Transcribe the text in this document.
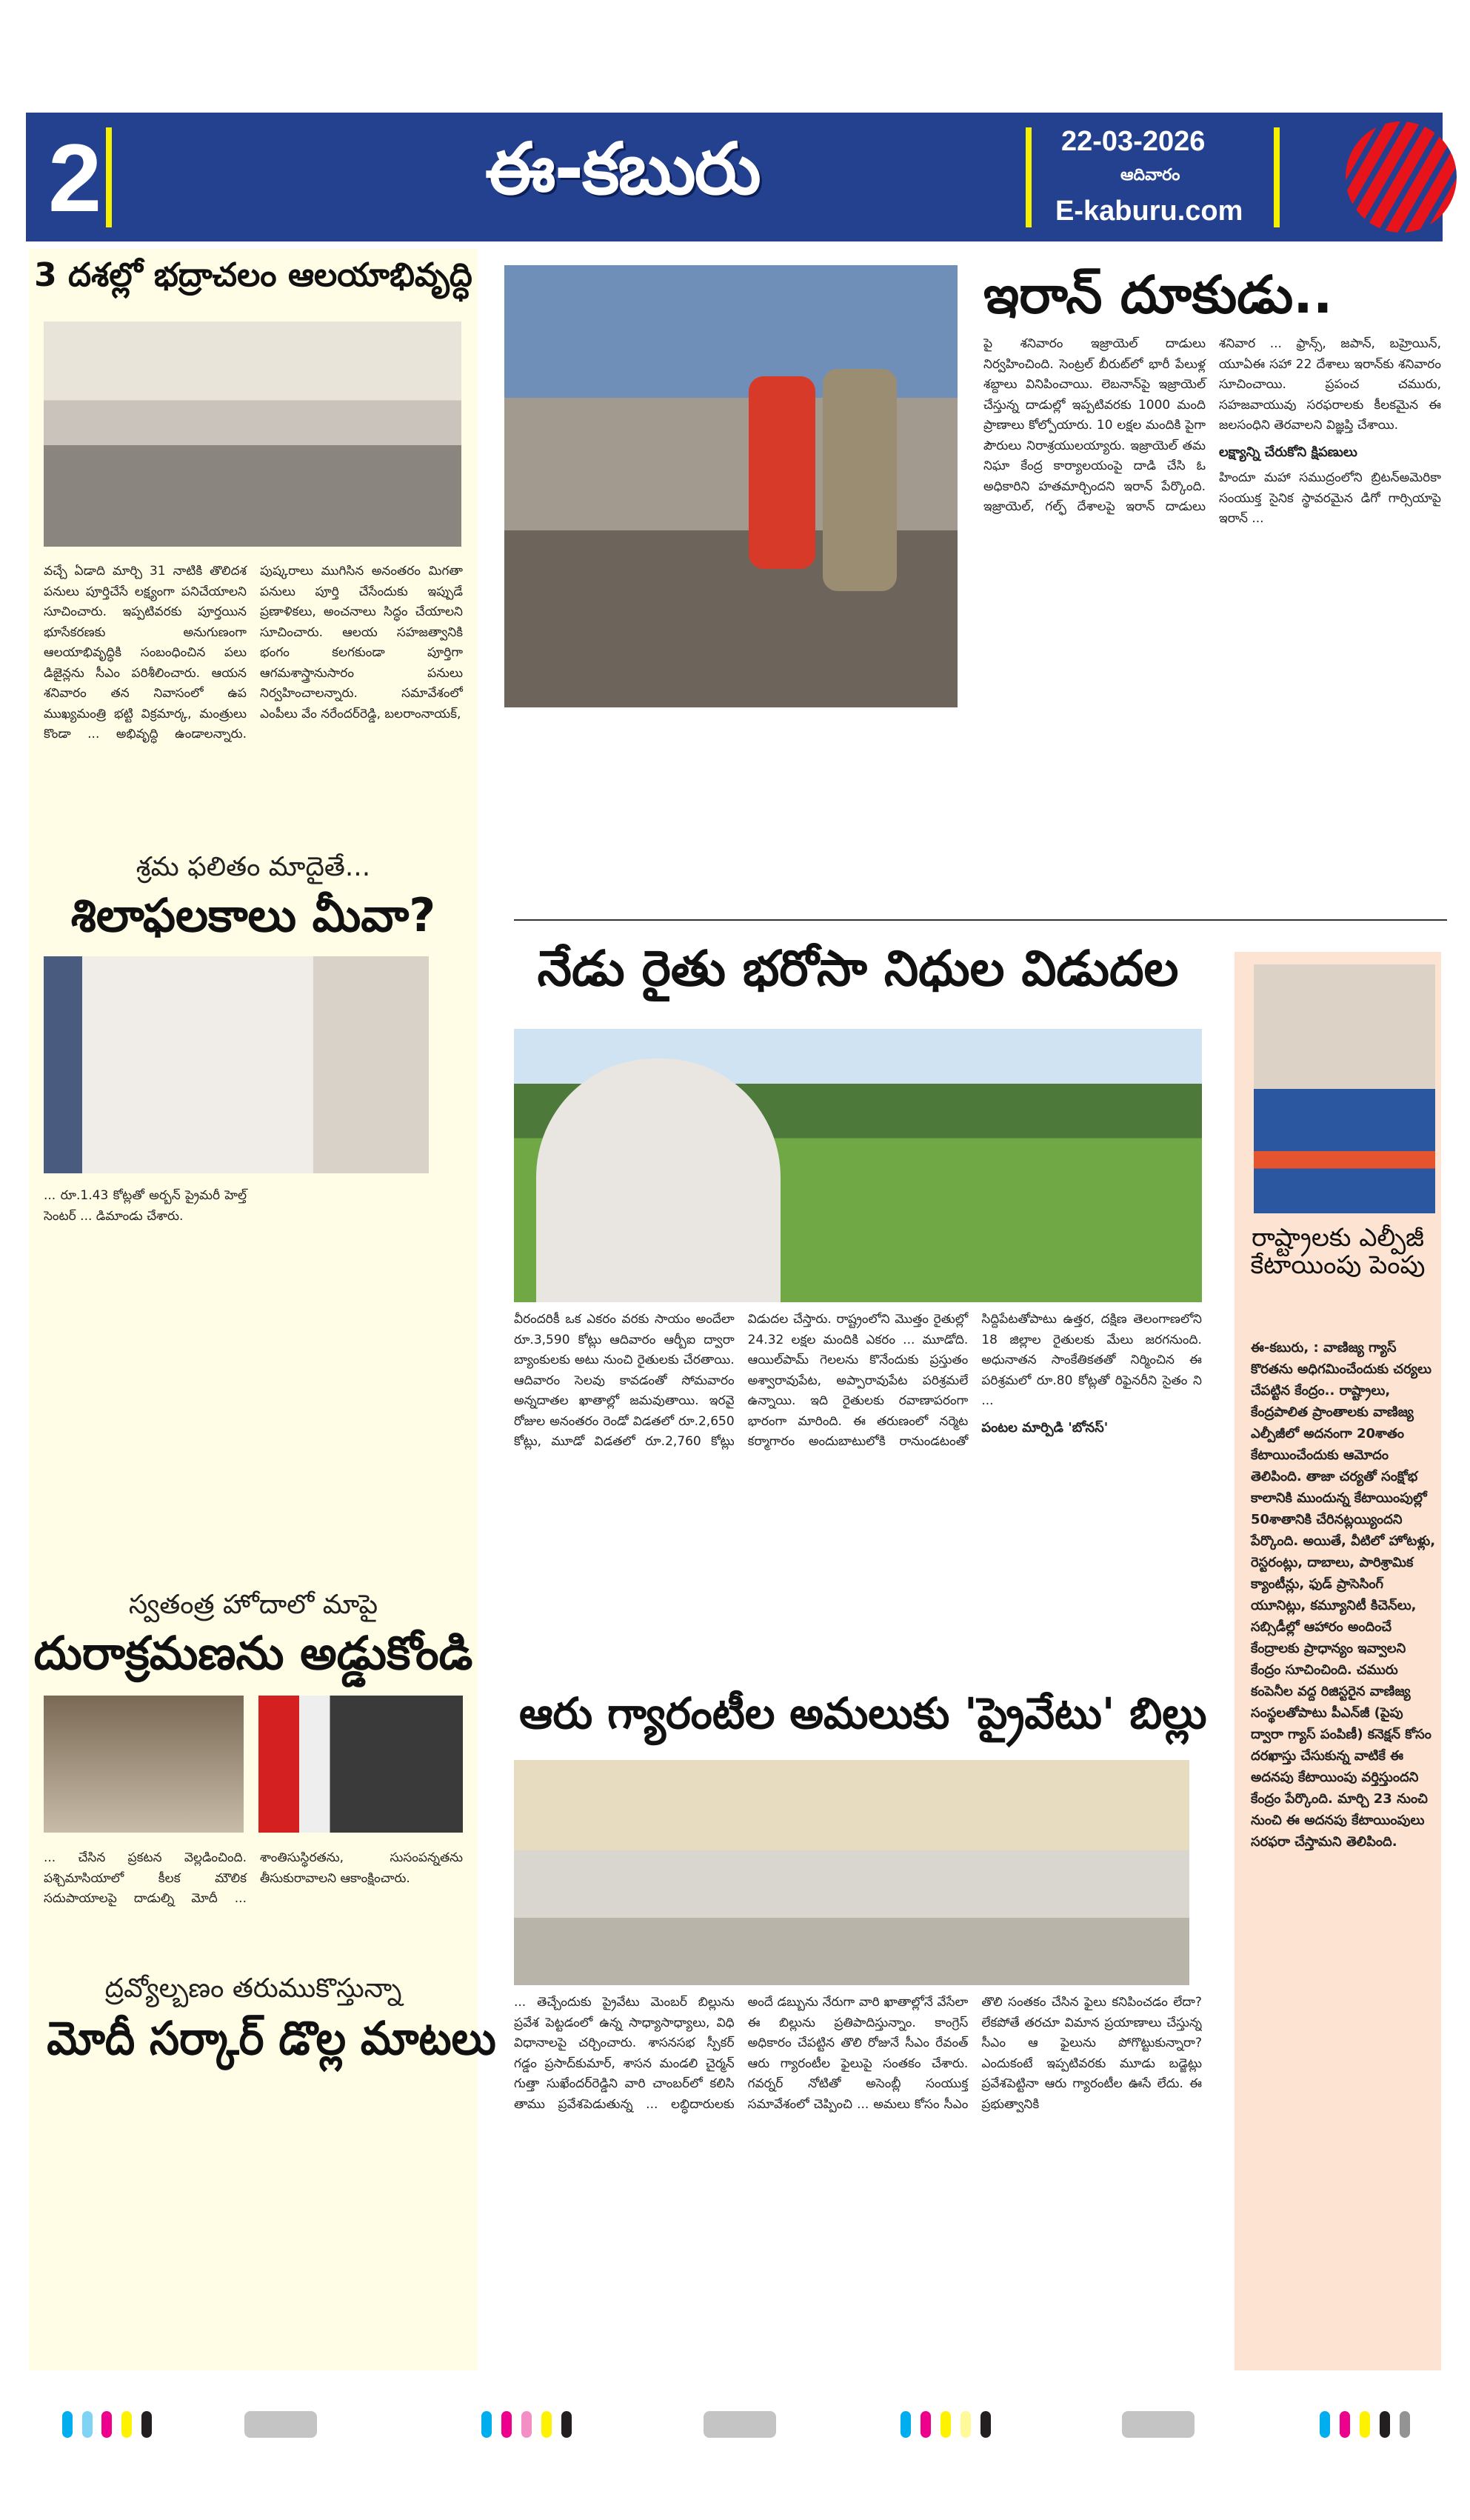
2	ఈ-కబురు	22-03-2026
ఆదివారం
E-kaburu.com
3 దశల్లో భద్రాచలం ఆలయాభివృద్ధి
వచ్చే ఏడాది మార్చి 31 నాటికి తొలిదశ పనులు పూర్తిచేసే లక్ష్యంగా పనిచేయాలని సూచించారు. ఇప్పటివరకు పూర్తయిన భూసేకరణకు అనుగుణంగా ఆలయాభివృద్ధికి సంబంధించిన పలు డిజైన్లను సీఎం పరిశీలించారు. ఆయన శనివారం తన నివాసంలో ఉప ముఖ్యమంత్రి భట్టి విక్రమార్క, మంత్రులు కొండా ... అభివృద్ధి ఉండాలన్నారు. పుష్కరాలు ముగిసిన అనంతరం మిగతా పనులు పూర్తి చేసేందుకు ఇప్పుడే ప్రణాళికలు, అంచనాలు సిద్ధం చేయాలని సూచించారు. ఆలయ సహజత్వానికి భంగం కలగకుండా పూర్తిగా ఆగమశాస్త్రానుసారం పనులు నిర్వహించాలన్నారు. సమావేశంలో ఎంపీలు వేం నరేందర్‌రెడ్డి, బలరాంనాయక్,
శ్రమ ఫలితం మాదైతే...
శిలాఫలకాలు మీవా?
... రూ.1.43 కోట్లతో అర్బన్ ప్రైమరీ హెల్త్ సెంటర్ ... డిమాండు చేశారు.
స్వతంత్ర హోదాలో మాపై
దురాక్రమణను అడ్డుకోండి
... చేసిన ప్రకటన వెల్లడించింది. పశ్చిమాసియాలో కీలక మౌలిక సదుపాయాలపై దాడుల్ని మోదీ ... శాంతిసుస్థిరతను, సుసంపన్నతను తీసుకురావాలని ఆకాంక్షించారు.
ద్రవ్యోల్బణం తరుముకొస్తున్నా
మోదీ సర్కార్ డొల్ల మాటలు
ఇరాన్ దూకుడు..
పై శనివారం ఇజ్రాయెల్ దాడులు నిర్వహించింది. సెంట్రల్ బీరుట్‌లో భారీ పేలుళ్ల శబ్దాలు వినిపించాయి. లెబనాన్‌పై ఇజ్రాయెల్ చేస్తున్న దాడుల్లో ఇప్పటివరకు 1000 మంది ప్రాణాలు కోల్పోయారు. 10 లక్షల మందికి పైగా పౌరులు నిరాశ్రయులయ్యారు. ఇజ్రాయెల్ తమ నిఘా కేంద్ర కార్యాలయంపై దాడి చేసి ఓ అధికారిని హతమార్చిందని ఇరాన్ పేర్కొంది. ఇజ్రాయెల్, గల్ఫ్ దేశాలపై ఇరాన్ దాడులు శనివార ... ఫ్రాన్స్, జపాన్, బహ్రెయిన్, యూఏఈ సహా 22 దేశాలు ఇరాన్‌కు శనివారం సూచించాయి. ప్రపంచ చమురు, సహజవాయువు సరఫరాలకు కీలకమైన ఈ జలసంధిని తెరవాలని విజ్ఞప్తి చేశాయి.
లక్ష్యాన్ని చేరుకోని క్షిపణులు
హిందూ మహా సముద్రంలోని బ్రిటన్‌అమెరికా సంయుక్త సైనిక స్థావరమైన డిగో గార్సియాపై ఇరాన్ ...
నేడు రైతు భరోసా నిధుల విడుదల
వీరందరికీ ఒక ఎకరం వరకు సాయం అందేలా రూ.3,590 కోట్లు ఆదివారం ఆర్బీఐ ద్వారా బ్యాంకులకు అటు నుంచి రైతులకు చేరతాయి. ఆదివారం సెలవు కావడంతో సోమవారం అన్నదాతల ఖాతాల్లో జమవుతాయి. ఇరవై రోజుల అనంతరం రెండో విడతలో రూ.2,650 కోట్లు, మూడో విడతలో రూ.2,760 కోట్లు విడుదల చేస్తారు. రాష్ట్రంలోని మొత్తం రైతుల్లో 24.32 లక్షల మందికి ఎకరం ... మూడోది. ఆయిల్‌పామ్ గెలలను కొనేందుకు ప్రస్తుతం అశ్వారావుపేట, అప్పారావుపేట పరిశ్రమలే ఉన్నాయి. ఇది రైతులకు రవాణాపరంగా భారంగా మారింది. ఈ తరుణంలో నర్మెట కర్మాగారం అందుబాటులోకి రానుండటంతో సిద్దిపేటతోపాటు ఉత్తర, దక్షిణ తెలంగాణలోని 18 జిల్లాల రైతులకు మేలు జరగనుంది. అధునాతన సాంకేతికతతో నిర్మించిన ఈ పరిశ్రమలో రూ.80 కోట్లతో రిఫైనరీని సైతం ని ...
పంటల మార్పిడి 'బోనస్'
ఆరు గ్యారంటీల అమలుకు 'ప్రైవేటు' బిల్లు
... తెచ్చేందుకు ప్రైవేటు మెంబర్ బిల్లును ప్రవేశ పెట్టడంలో ఉన్న సాధ్యాసాధ్యాలు, విధి విధానాలపై చర్చించారు. శాసనసభ స్పీకర్ గడ్డం ప్రసాద్‌కుమార్, శాసన మండలి చైర్మన్ గుత్తా సుఖేందర్‌రెడ్డిని వారి చాంబర్‌లో కలిసి తాము ప్రవేశపెడుతున్న ... లబ్ధిదారులకు అందే డబ్బును నేరుగా వారి ఖాతాల్లోనే వేసేలా ఈ బిల్లును ప్రతిపాదిస్తున్నాం. కాంగ్రెస్ అధికారం చేపట్టిన తొలి రోజునే సీఎం రేవంత్ ఆరు గ్యారంటీల ఫైలుపై సంతకం చేశారు. గవర్నర్ నోటితో అసెంబ్లీ సంయుక్త సమావేశంలో చెప్పించి ... అమలు కోసం సీఎం తొలి సంతకం చేసిన ఫైలు కనిపించడం లేదా? లేకపోతే తరచూ విమాన ప్రయాణాలు చేస్తున్న సీఎం ఆ ఫైలును పోగొట్టుకున్నారా? ఎందుకంటే ఇప్పటివరకు మూడు బడ్జెట్లు ప్రవేశపెట్టినా ఆరు గ్యారంటీల ఊసే లేదు. ఈ ప్రభుత్వానికి
రాష్ట్రాలకు ఎల్పీజీ కేటాయింపు పెంపు
ఈ-కబురు, : వాణిజ్య గ్యాస్ కొరతను అధిగమించేందుకు చర్యలు చేపట్టిన కేంద్రం.. రాష్ట్రాలు, కేంద్రపాలిత ప్రాంతాలకు వాణిజ్య ఎల్పీజీలో అదనంగా 20శాతం కేటాయించేందుకు ఆమోదం తెలిపింది. తాజా చర్యతో సంక్షోభ కాలానికి ముందున్న కేటాయింపుల్లో 50శాతానికి చేరినట్లయ్యిందని పేర్కొంది. అయితే, వీటిలో హోటళ్లు, రెస్టరంట్లు, దాబాలు, పారిశ్రామిక క్యాంటీన్లు, ఫుడ్ ప్రాసెసింగ్ యూనిట్లు, కమ్యూనిటీ కిచెన్‌లు, సబ్సిడీల్లో ఆహారం అందించే కేంద్రాలకు ప్రాధాన్యం ఇవ్వాలని కేంద్రం సూచించింది. చమురు కంపెనీల వద్ద రిజిస్టరైన వాణిజ్య సంస్థలతోపాటు పీఎన్‌జీ (పైపు ద్వారా గ్యాస్ పంపిణీ) కనెక్షన్ కోసం దరఖాస్తు చేసుకున్న వాటికే ఈ అదనపు కేటాయింపు వర్తిస్తుందని కేంద్రం పేర్కొంది. మార్చి 23 నుంచి నుంచి ఈ అదనపు కేటాయింపులు సరఫరా చేస్తామని తెలిపింది.
